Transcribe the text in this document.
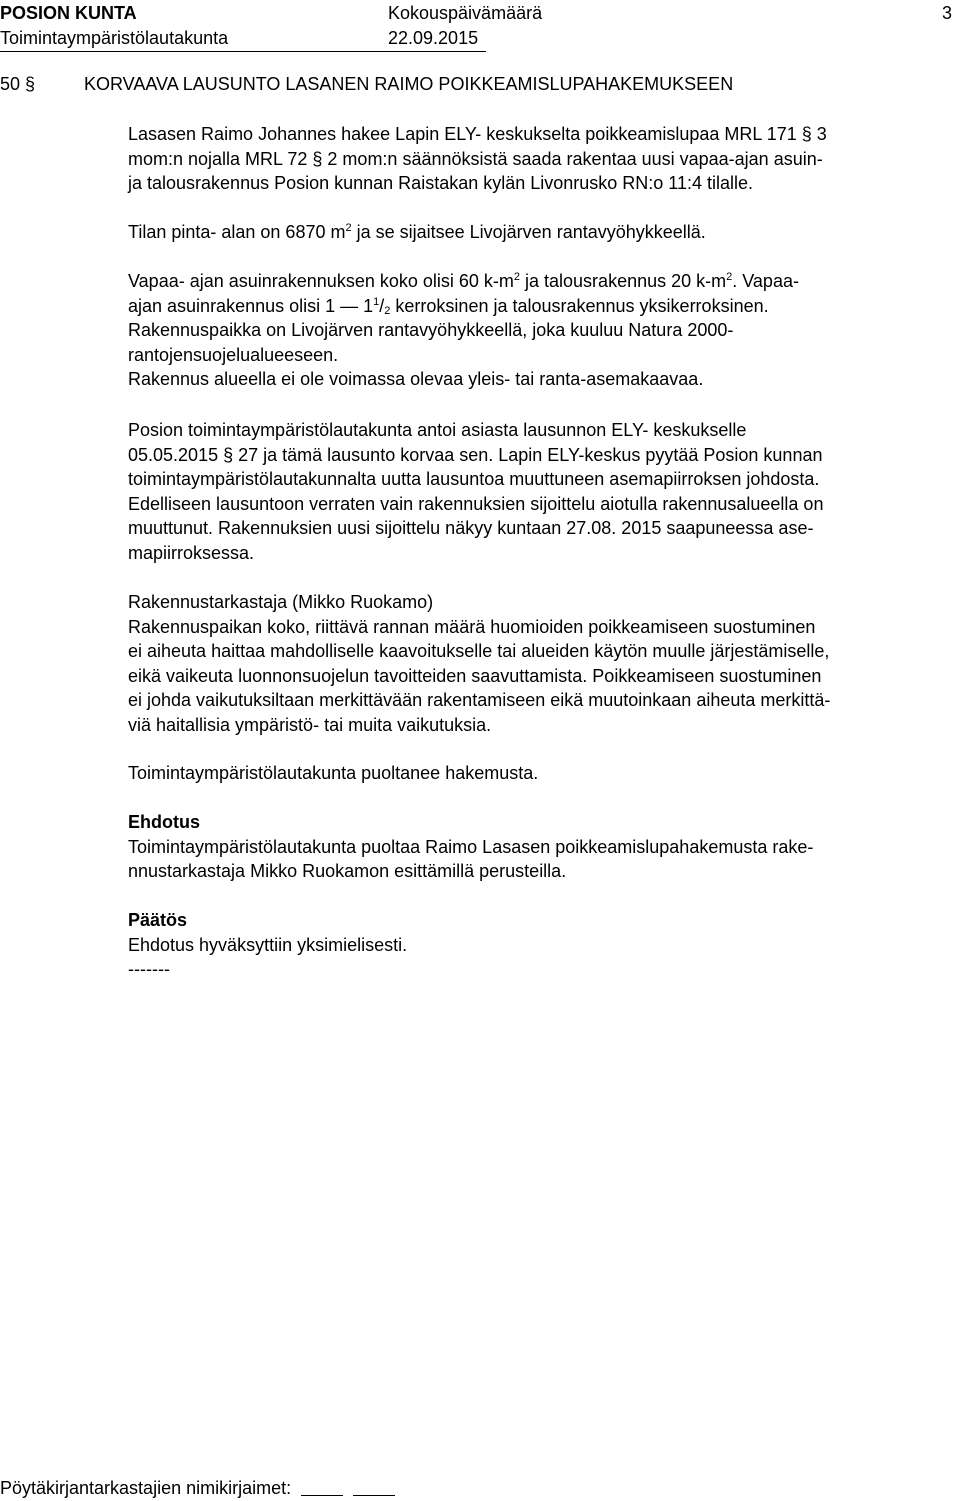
POSION KUNTA	Kokouspäivämäärä	3
Toimintaympäristölautakunta	22.09.2015
50 §	KORVAAVA LAUSUNTO LASANEN RAIMO POIKKEAMISLUPAHAKEMUKSEEN
Lasasen Raimo Johannes hakee Lapin ELY- keskukselta poikkeamislupaa MRL 171 § 3
mom:n nojalla MRL 72 § 2 mom:n säännöksistä saada rakentaa uusi vapaa-ajan asuin-
ja talousrakennus Posion kunnan Raistakan kylän Livonrusko RN:o 11:4 tilalle.
Tilan pinta- alan on 6870 $m^2$ ja se sijaitsee Livojärven rantavyöhykkeellä.
Vapaa- ajan asuinrakennuksen koko olisi 60 $k-m^2$ ja talousrakennus 20 $k-m^2$. Vapaa-
ajan asuinrakennus olisi 1 — $1^1/_2$ kerroksinen ja talousrakennus yksikerroksinen.
Rakennuspaikka on Livojärven rantavyöhykkeellä, joka kuuluu Natura 2000-
rantojensuojelualueeseen.
Rakennus alueella ei ole voimassa olevaa yleis- tai ranta-asemakaavaa.
Posion toimintaympäristölautakunta antoi asiasta lausunnon ELY- keskukselle
05.05.2015 § 27 ja tämä lausunto korvaa sen. Lapin ELY-keskus pyytää Posion kunnan
toimintaympäristölautakunnalta uutta lausuntoa muuttuneen asemapiirroksen johdosta.
Edelliseen lausuntoon verraten vain rakennuksien sijoittelu aiotulla rakennusalueella on
muuttunut. Rakennuksien uusi sijoittelu näkyy kuntaan 27.08. 2015 saapuneessa ase-
mapiirroksessa.
Rakennustarkastaja (Mikko Ruokamo)
Rakennuspaikan koko, riittävä rannan määrä huomioiden poikkeamiseen suostuminen
ei aiheuta haittaa mahdolliselle kaavoitukselle tai alueiden käytön muulle järjestämiselle,
eikä vaikeuta luonnonsuojelun tavoitteiden saavuttamista. Poikkeamiseen suostuminen
ei johda vaikutuksiltaan merkittävään rakentamiseen eikä muutoinkaan aiheuta merkittä-
viä haitallisia ympäristö- tai muita vaikutuksia.
Toimintaympäristölautakunta puoltanee hakemusta.
Ehdotus
Toimintaympäristölautakunta puoltaa Raimo Lasasen poikkeamislupahakemusta rake-
nnustarkastaja Mikko Ruokamon esittämillä perusteilla.
Päätös
Ehdotus hyväksyttiin yksimielisesti.
-------
Pöytäkirjantarkastajien nimikirjaimet:
